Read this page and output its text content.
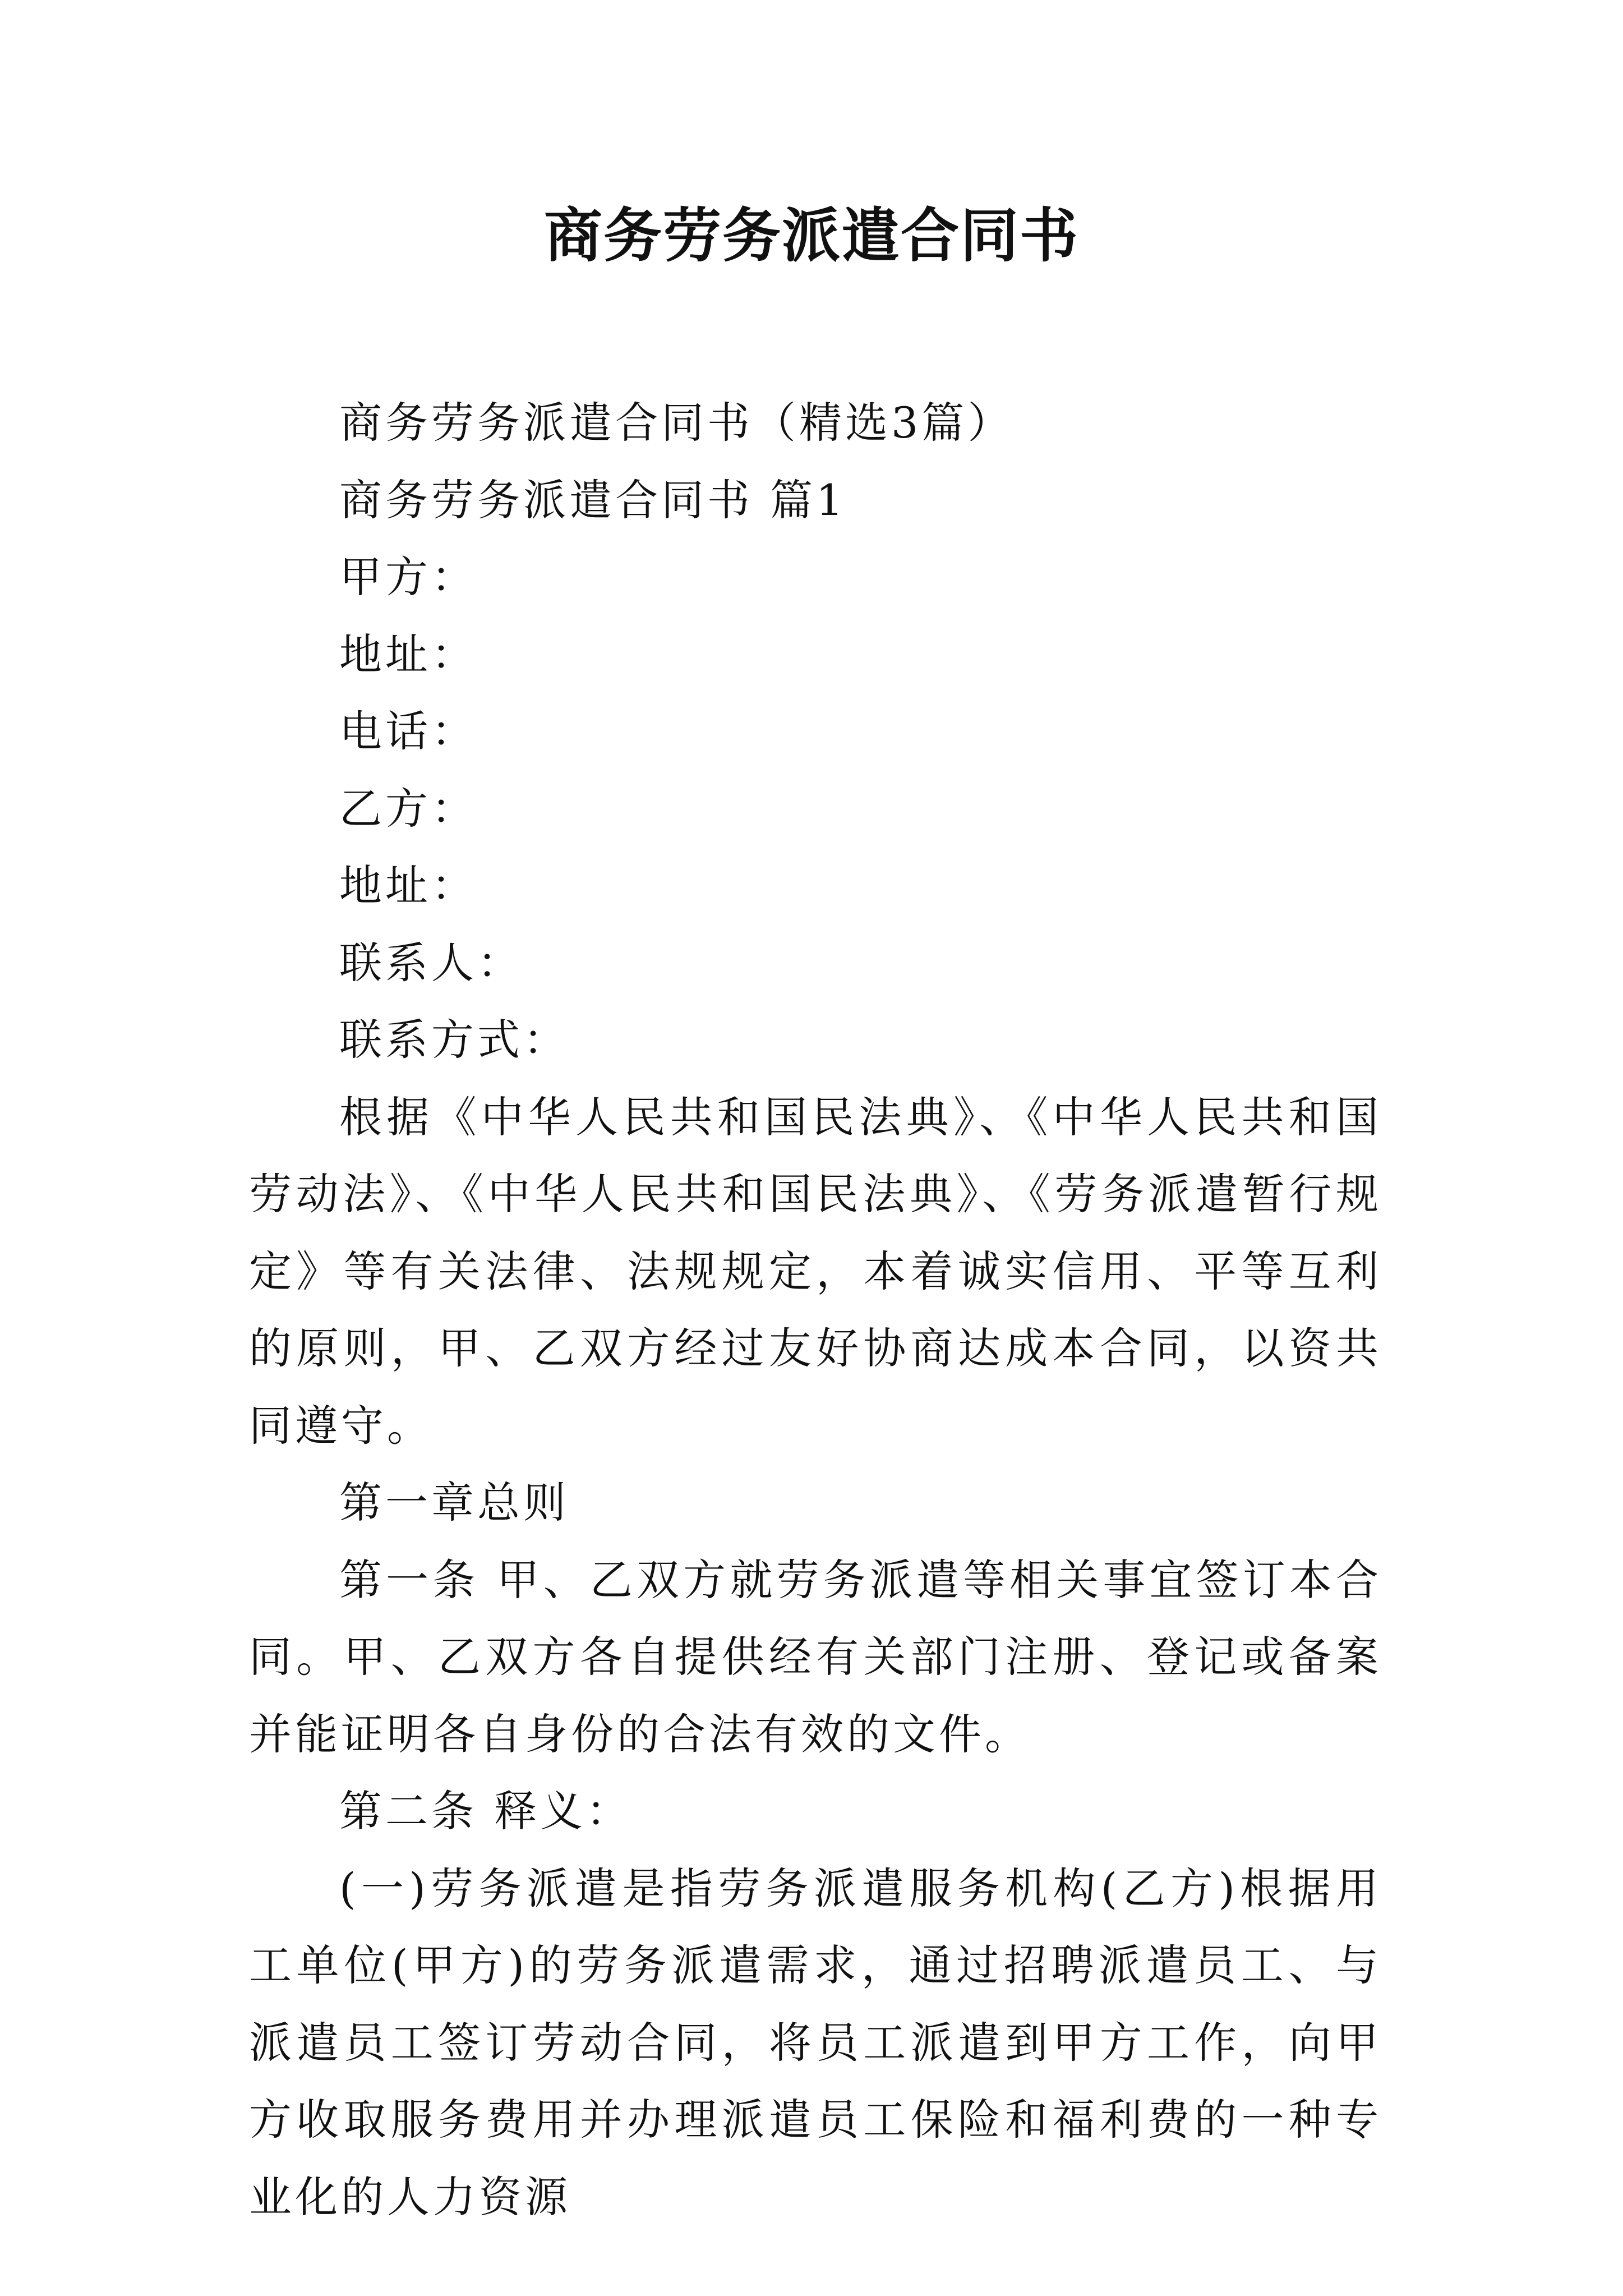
商务劳务派遣合同书

商务劳务派遣合同书（精选3篇）

商务劳务派遣合同书 篇1

甲方：

地址：

电话：

乙方：

地址：

联系人：

联系方式：

根据《中华人民共和国民法典》、《中华人民共和国劳动法》、《中华人民共和国民法典》、《劳务派遣暂行规定》等有关法律、法规规定，本着诚实信用、平等互利的原则，甲、乙双方经过友好协商达成本合同，以资共同遵守。

第一章总则

第一条 甲、乙双方就劳务派遣等相关事宜签订本合同。甲、乙双方各自提供经有关部门注册、登记或备案并能证明各自身份的合法有效的文件。

第二条 释义：

(一)劳务派遣是指劳务派遣服务机构(乙方)根据用工单位(甲方)的劳务派遣需求，通过招聘派遣员工、与派遣员工签订劳动合同，将员工派遣到甲方工作，向甲方收取服务费用并办理派遣员工保险和福利费的一种专业化的人力资源
